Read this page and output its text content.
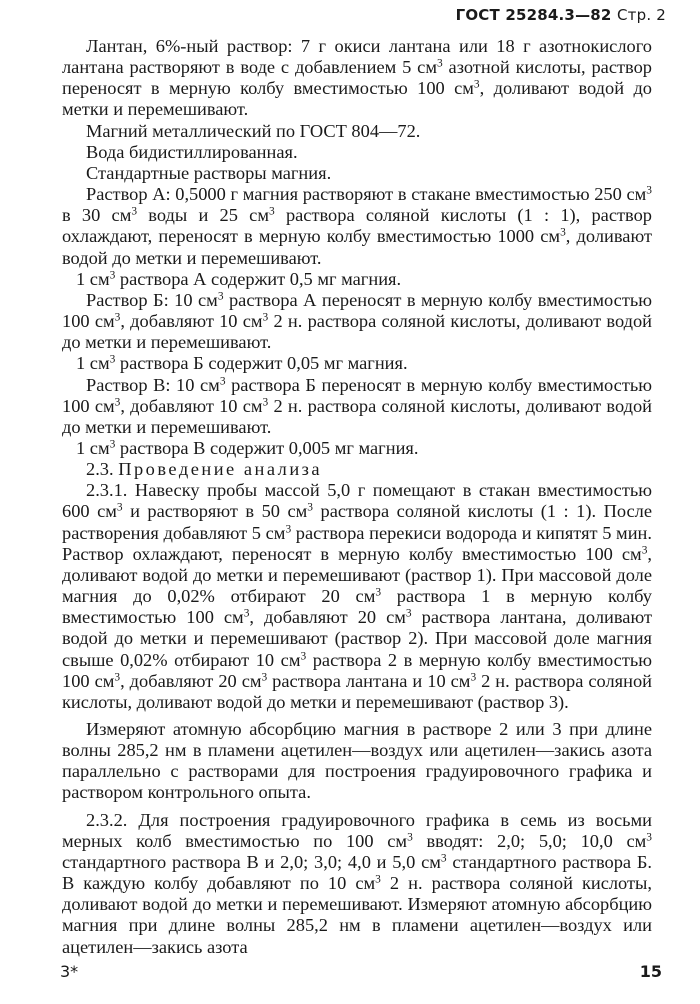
ГОСТ 25284.3—82 Стр. 2

Лантан, 6%-ный раствор: 7 г окиси лантана или 18 г азотнокислого лантана растворяют в воде с добавлением 5 $см^3$ азотной кислоты, раствор переносят в мерную колбу вместимостью 100 $см^3$, доливают водой до метки и перемешивают.

Магний металлический по ГОСТ 804—72.

Вода бидистиллированная.

Стандартные растворы магния.

Раствор А: 0,5000 г магния растворяют в стакане вместимостью 250 $см^3$ в 30 $см^3$ воды и 25 $см^3$ раствора соляной кислоты (1 : 1), раствор охлаждают, переносят в мерную колбу вместимостью 1000 $см^3$, доливают водой до метки и перемешивают.

1 $см^3$ раствора А содержит 0,5 мг магния.

Раствор Б: 10 $см^3$ раствора А переносят в мерную колбу вместимостью 100 $см^3$, добавляют 10 $см^3$ 2 н. раствора соляной кислоты, доливают водой до метки и перемешивают.

1 $см^3$ раствора Б содержит 0,05 мг магния.

Раствор В: 10 $см^3$ раствора Б переносят в мерную колбу вместимостью 100 $см^3$, добавляют 10 $см^3$ 2 н. раствора соляной кислоты, доливают водой до метки и перемешивают.

1 $см^3$ раствора В содержит 0,005 мг магния.

2.3. Проведение анализа

2.3.1. Навеску пробы массой 5,0 г помещают в стакан вместимостью 600 $см^3$ и растворяют в 50 $см^3$ раствора соляной кислоты (1 : 1). После растворения добавляют 5 $см^3$ раствора перекиси водорода и кипятят 5 мин. Раствор охлаждают, переносят в мерную колбу вместимостью 100 $см^3$, доливают водой до метки и перемешивают (раствор 1). При массовой доле магния до 0,02% отбирают 20 $см^3$ раствора 1 в мерную колбу вместимостью 100 $см^3$, добавляют 20 $см^3$ раствора лантана, доливают водой до метки и перемешивают (раствор 2). При массовой доле магния свыше 0,02% отбирают 10 $см^3$ раствора 2 в мерную колбу вместимостью 100 $см^3$, добавляют 20 $см^3$ раствора лантана и 10 $см^3$ 2 н. раствора соляной кислоты, доливают водой до метки и перемешивают (раствор 3).

Измеряют атомную абсорбцию магния в растворе 2 или 3 при длине волны 285,2 нм в пламени ацетилен—воздух или ацетилен—закись азота параллельно с растворами для построения градуировочного графика и раствором контрольного опыта.

2.3.2. Для построения градуировочного графика в семь из восьми мерных колб вместимостью по 100 $см^3$ вводят: 2,0; 5,0; 10,0 $см^3$ стандартного раствора В и 2,0; 3,0; 4,0 и 5,0 $см^3$ стандартного раствора Б. В каждую колбу добавляют по 10 $см^3$ 2 н. раствора соляной кислоты, доливают водой до метки и перемешивают. Измеряют атомную абсорбцию магния при длине волны 285,2 нм в пламени ацетилен—воздух или ацетилен—закись азота

3*	15
